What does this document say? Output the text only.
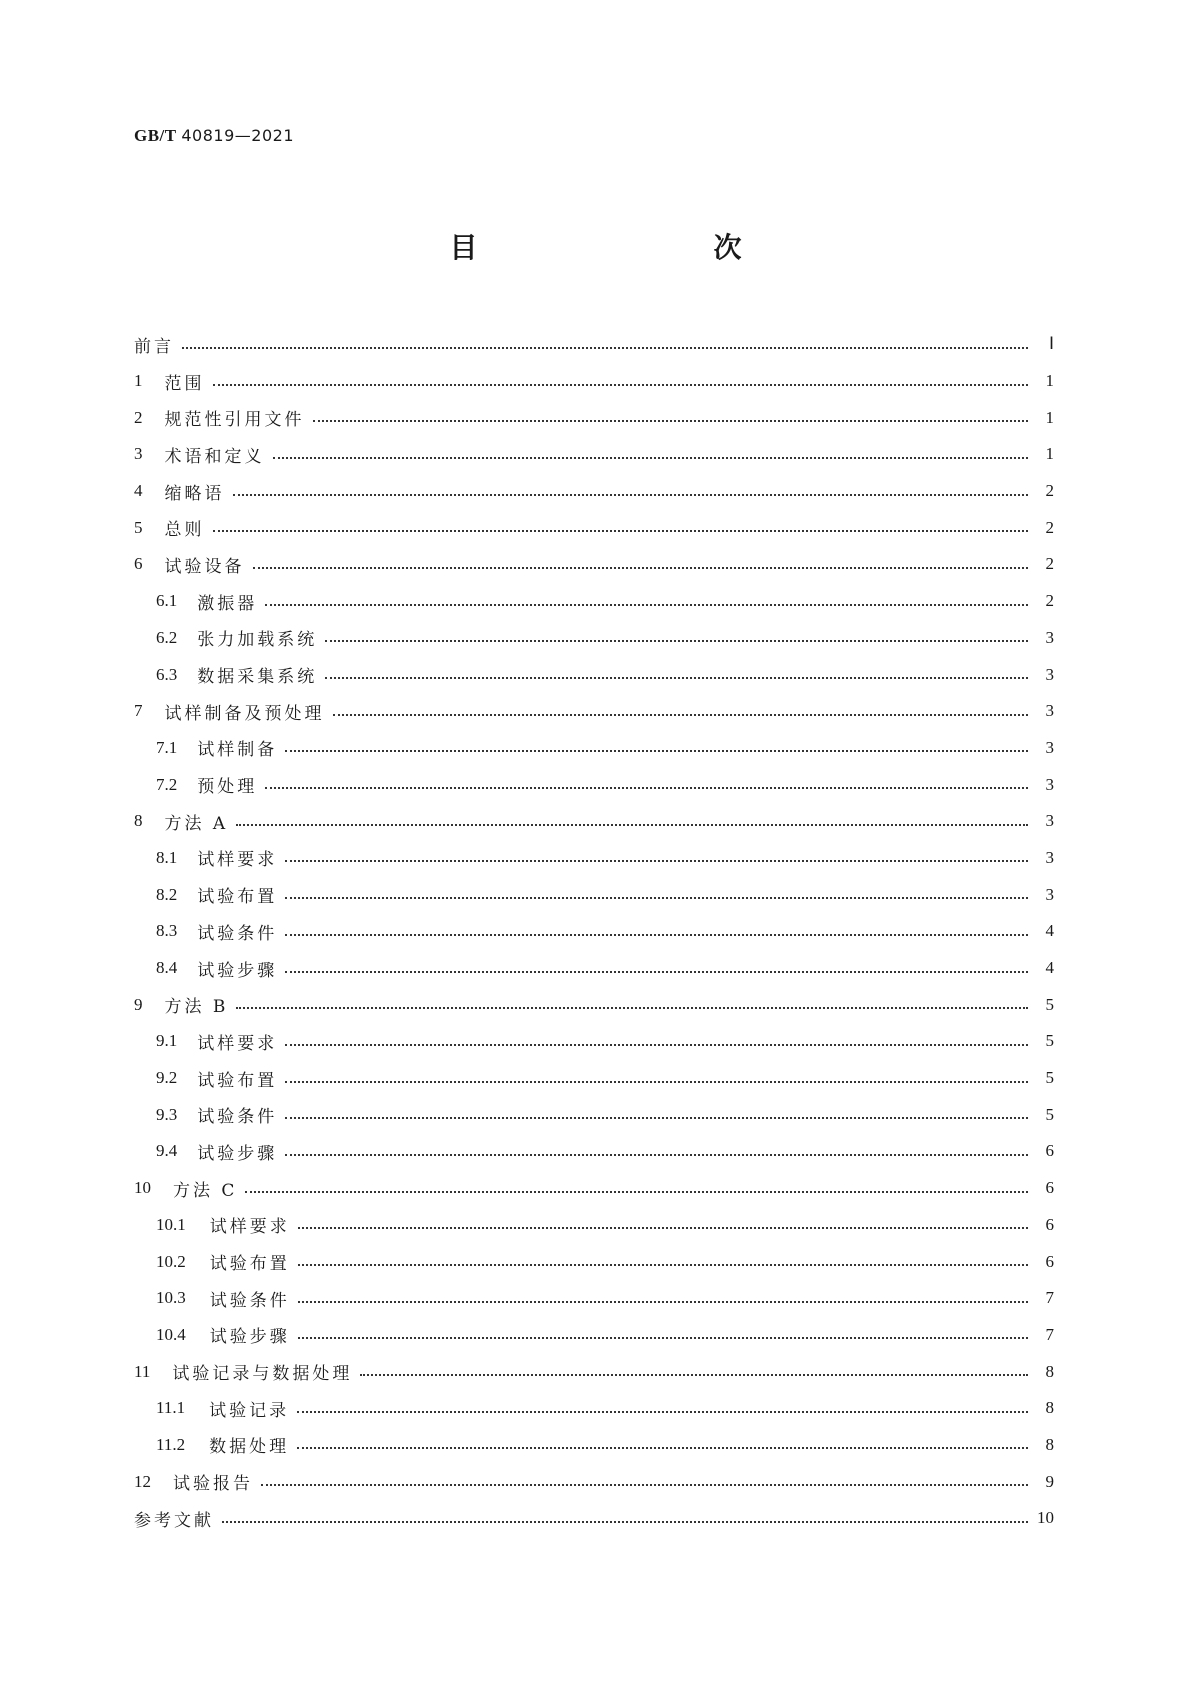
GB/T 40819—2021
目　　次
前言	Ⅰ
1 范围	1
2 规范性引用文件	1
3 术语和定义	1
4 缩略语	2
5 总则	2
6 试验设备	2
6.1 激振器	2
6.2 张力加载系统	3
6.3 数据采集系统	3
7 试样制备及预处理	3
7.1 试样制备	3
7.2 预处理	3
8 方法 A	3
8.1 试样要求	3
8.2 试验布置	3
8.3 试验条件	4
8.4 试验步骤	4
9 方法 B	5
9.1 试样要求	5
9.2 试验布置	5
9.3 试验条件	5
9.4 试验步骤	6
10 方法 C	6
10.1 试样要求	6
10.2 试验布置	6
10.3 试验条件	7
10.4 试验步骤	7
11 试验记录与数据处理	8
11.1 试验记录	8
11.2 数据处理	8
12 试验报告	9
参考文献	10
